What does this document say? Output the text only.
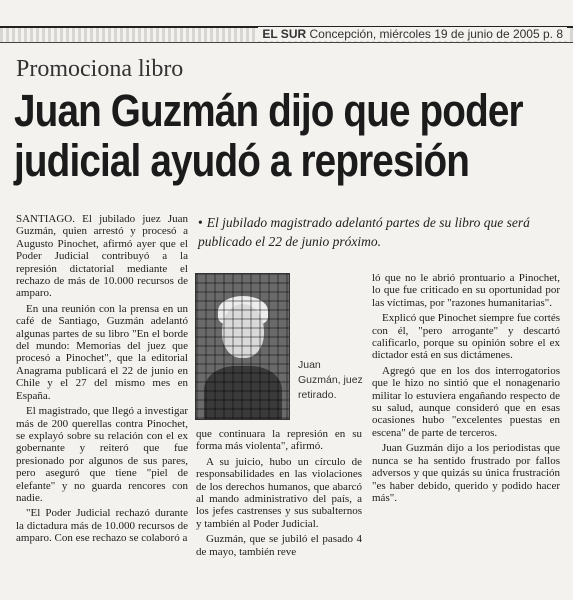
EL SUR Concepción, miércoles 19 de junio de 2005 p. 8
Promociona libro
Juan Guzmán dijo que poder judicial ayudó a represión

SANTIAGO. El jubilado juez Juan Guzmán, quien arrestó y procesó a Augusto Pinochet, afirmó ayer que el Poder Judicial contribuyó a la represión dictatorial mediante el rechazo de más de 10.000 recursos de amparo.

En una reunión con la prensa en un café de Santiago, Guzmán adelantó algunas partes de su libro "En el borde del mundo: Memorias del juez que procesó a Pinochet", que la editorial Anagrama publicará el 22 de junio en Chile y el 27 del mismo mes en España.

El magistrado, que llegó a investigar más de 200 querellas contra Pinochet, se explayó sobre su relación con el ex gobernante y reiteró que fue presionado por algunos de sus pares, pero aseguró que tiene "piel de elefante" y no guarda rencores con nadie.

"El Poder Judicial rechazó durante la dictadura más de 10.000 recursos de amparo. Con ese rechazo se colaboró a

• El jubilado magistrado adelantó partes de su libro que será publicado el 22 de junio próximo.
Juan Guzmán, juez retirado.

que continuara la represión en su forma más violenta", afirmó.

A su juicio, hubo un círculo de responsabilidades en las violaciones de los derechos humanos, que abarcó al mando administrativo del país, a los jefes castrenses y sus subalternos y también al Poder Judicial.

Guzmán, que se jubiló el pasado 4 de mayo, también reve

ló que no le abrió prontuario a Pinochet, lo que fue criticado en su oportunidad por las víctimas, por "razones humanitarias".

Explicó que Pinochet siempre fue cortés con él, "pero arrogante" y descartó calificarlo, porque su opinión sobre el ex dictador está en sus dictámenes.

Agregó que en los dos interrogatorios que le hizo no sintió que el nonagenario militar lo estuviera engañando respecto de su salud, aunque consideró que en esas ocasiones hubo "excelentes puestas en escena" de parte de terceros.

Juan Guzmán dijo a los periodistas que nunca se ha sentido frustrado por fallos adversos y que quizás su única frustración "es haber debido, querido y podido hacer más".
